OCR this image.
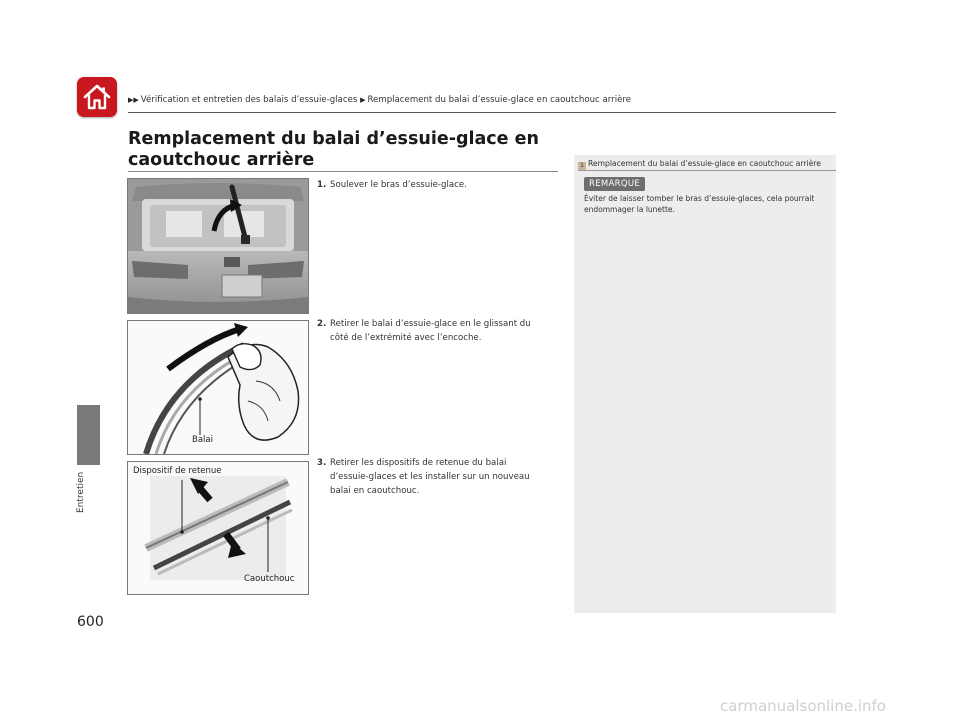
▶▶ Vérification et entretien des balais d’essuie-glaces ▶ Remplacement du balai d’essuie-glace en caoutchouc arrière
Entretien
600
Remplacement du balai d’essuie-glace en
caoutchouc arrière
Balai
Dispositif de retenue
Caoutchouc
1. Soulever le bras d’essuie-glace.
2. Retirer le balai d’essuie-glace en le glissant du côté de l’extrémité avec l’encoche.
3. Retirer les dispositifs de retenue du balai d’essuie-glaces et les installer sur un nouveau balai en caoutchouc.
1 Remplacement du balai d’essuie-glace en caoutchouc arrière
REMARQUE
Éviter de laisser tomber le bras d’essuie-glaces, cela pourrait endommager la lunette.
carmanualsonline.info
